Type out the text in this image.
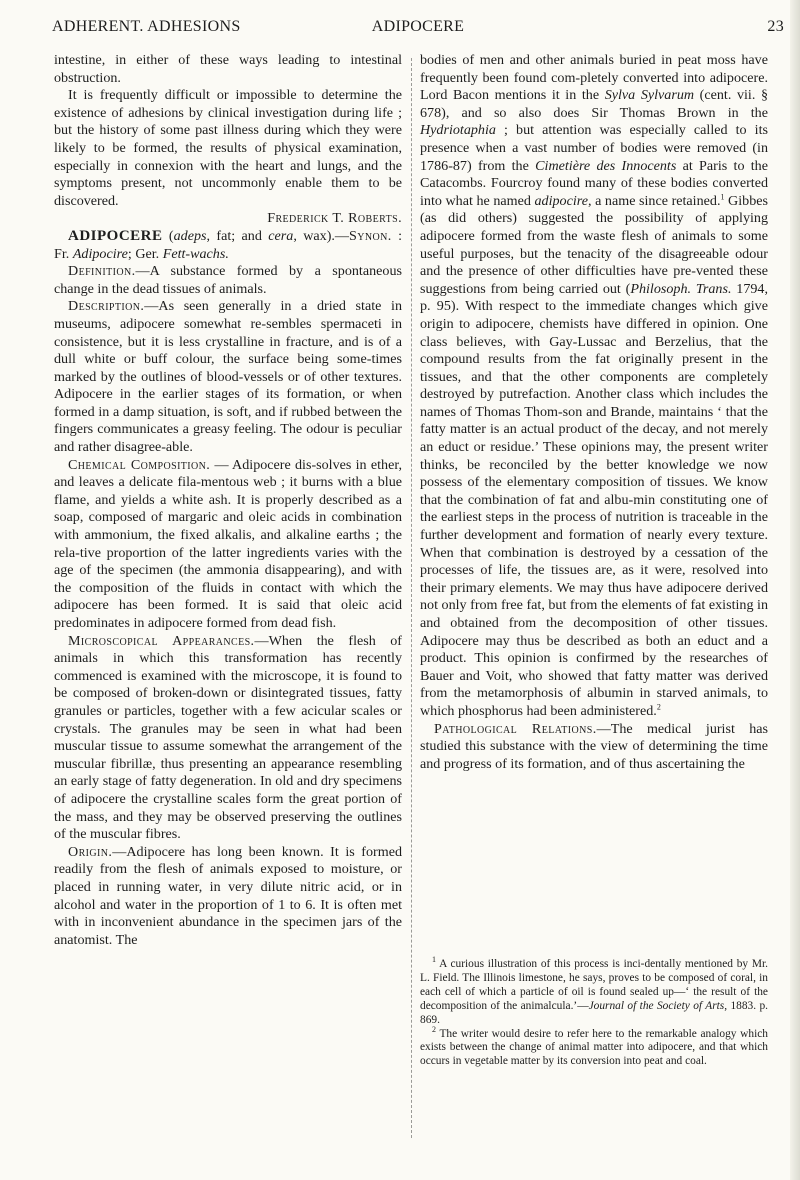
ADHERENT. ADHESIONS	ADIPOCERE	23

intestine, in either of these ways leading to intestinal obstruction.

It is frequently difficult or impossible to determine the existence of adhesions by clinical investigation during life ; but the history of some past illness during which they were likely to be formed, the results of physical examination, especially in connexion with the heart and lungs, and the symptoms present, not uncommonly enable them to be discovered.

Frederick T. Roberts.

ADIPOCERE (adeps, fat; and cera, wax).—Synon. : Fr. Adipocire; Ger. Fett-wachs.

Definition.—A substance formed by a spontaneous change in the dead tissues of animals.

Description.—As seen generally in a dried state in museums, adipocere somewhat re-sembles spermaceti in consistence, but it is less crystalline in fracture, and is of a dull white or buff colour, the surface being some-times marked by the outlines of blood-vessels or of other textures. Adipocere in the earlier stages of its formation, or when formed in a damp situation, is soft, and if rubbed between the fingers communicates a greasy feeling. The odour is peculiar and rather disagree-able.

Chemical Composition. — Adipocere dis-solves in ether, and leaves a delicate fila-mentous web ; it burns with a blue flame, and yields a white ash. It is properly described as a soap, composed of margaric and oleic acids in combination with ammonium, the fixed alkalis, and alkaline earths ; the rela-tive proportion of the latter ingredients varies with the age of the specimen (the ammonia disappearing), and with the composition of the fluids in contact with which the adipocere has been formed. It is said that oleic acid predominates in adipocere formed from dead fish.

Microscopical Appearances.—When the flesh of animals in which this transformation has recently commenced is examined with the microscope, it is found to be composed of broken-down or disintegrated tissues, fatty granules or particles, together with a few acicular scales or crystals. The granules may be seen in what had been muscular tissue to assume somewhat the arrangement of the muscular fibrillæ, thus presenting an appearance resembling an early stage of fatty degeneration. In old and dry specimens of adipocere the crystalline scales form the great portion of the mass, and they may be observed preserving the outlines of the muscular fibres.

Origin.—Adipocere has long been known. It is formed readily from the flesh of animals exposed to moisture, or placed in running water, in very dilute nitric acid, or in alcohol and water in the proportion of 1 to 6. It is often met with in inconvenient abundance in the specimen jars of the anatomist. The

bodies of men and other animals buried in peat moss have frequently been found com-pletely converted into adipocere. Lord Bacon mentions it in the Sylva Sylvarum (cent. vii. § 678), and so also does Sir Thomas Brown in the Hydriotaphia ; but attention was especially called to its presence when a vast number of bodies were removed (in 1786-87) from the Cimetière des Innocents at Paris to the Catacombs. Fourcroy found many of these bodies converted into what he named adipocire, a name since retained.$^1$ Gibbes (as did others) suggested the possibility of applying adipocere formed from the waste flesh of animals to some useful purposes, but the tenacity of the disagreeable odour and the presence of other difficulties have pre-vented these suggestions from being carried out (Philosoph. Trans. 1794, p. 95). With respect to the immediate changes which give origin to adipocere, chemists have differed in opinion. One class believes, with Gay-Lussac and Berzelius, that the compound results from the fat originally present in the tissues, and that the other components are completely destroyed by putrefaction. Another class which includes the names of Thomas Thom-son and Brande, maintains ‘ that the fatty matter is an actual product of the decay, and not merely an educt or residue.’ These opinions may, the present writer thinks, be reconciled by the better knowledge we now possess of the elementary composition of tissues. We know that the combination of fat and albu-min constituting one of the earliest steps in the process of nutrition is traceable in the further development and formation of nearly every texture. When that combination is destroyed by a cessation of the processes of life, the tissues are, as it were, resolved into their primary elements. We may thus have adipocere derived not only from free fat, but from the elements of fat existing in and obtained from the decomposition of other tissues. Adipocere may thus be described as both an educt and a product. This opinion is confirmed by the researches of Bauer and Voit, who showed that fatty matter was derived from the metamorphosis of albumin in starved animals, to which phosphorus had been administered.$^2$

Pathological Relations.—The medical jurist has studied this substance with the view of determining the time and progress of its formation, and of thus ascertaining the

$^1$ A curious illustration of this process is inci-dentally mentioned by Mr. L. Field. The Illinois limestone, he says, proves to be composed of coral, in each cell of which a particle of oil is found sealed up—‘ the result of the decomposition of the animalcula.’—Journal of the Society of Arts, 1883. p. 869.

$^2$ The writer would desire to refer here to the remarkable analogy which exists between the change of animal matter into adipocere, and that which occurs in vegetable matter by its conversion into peat and coal.
